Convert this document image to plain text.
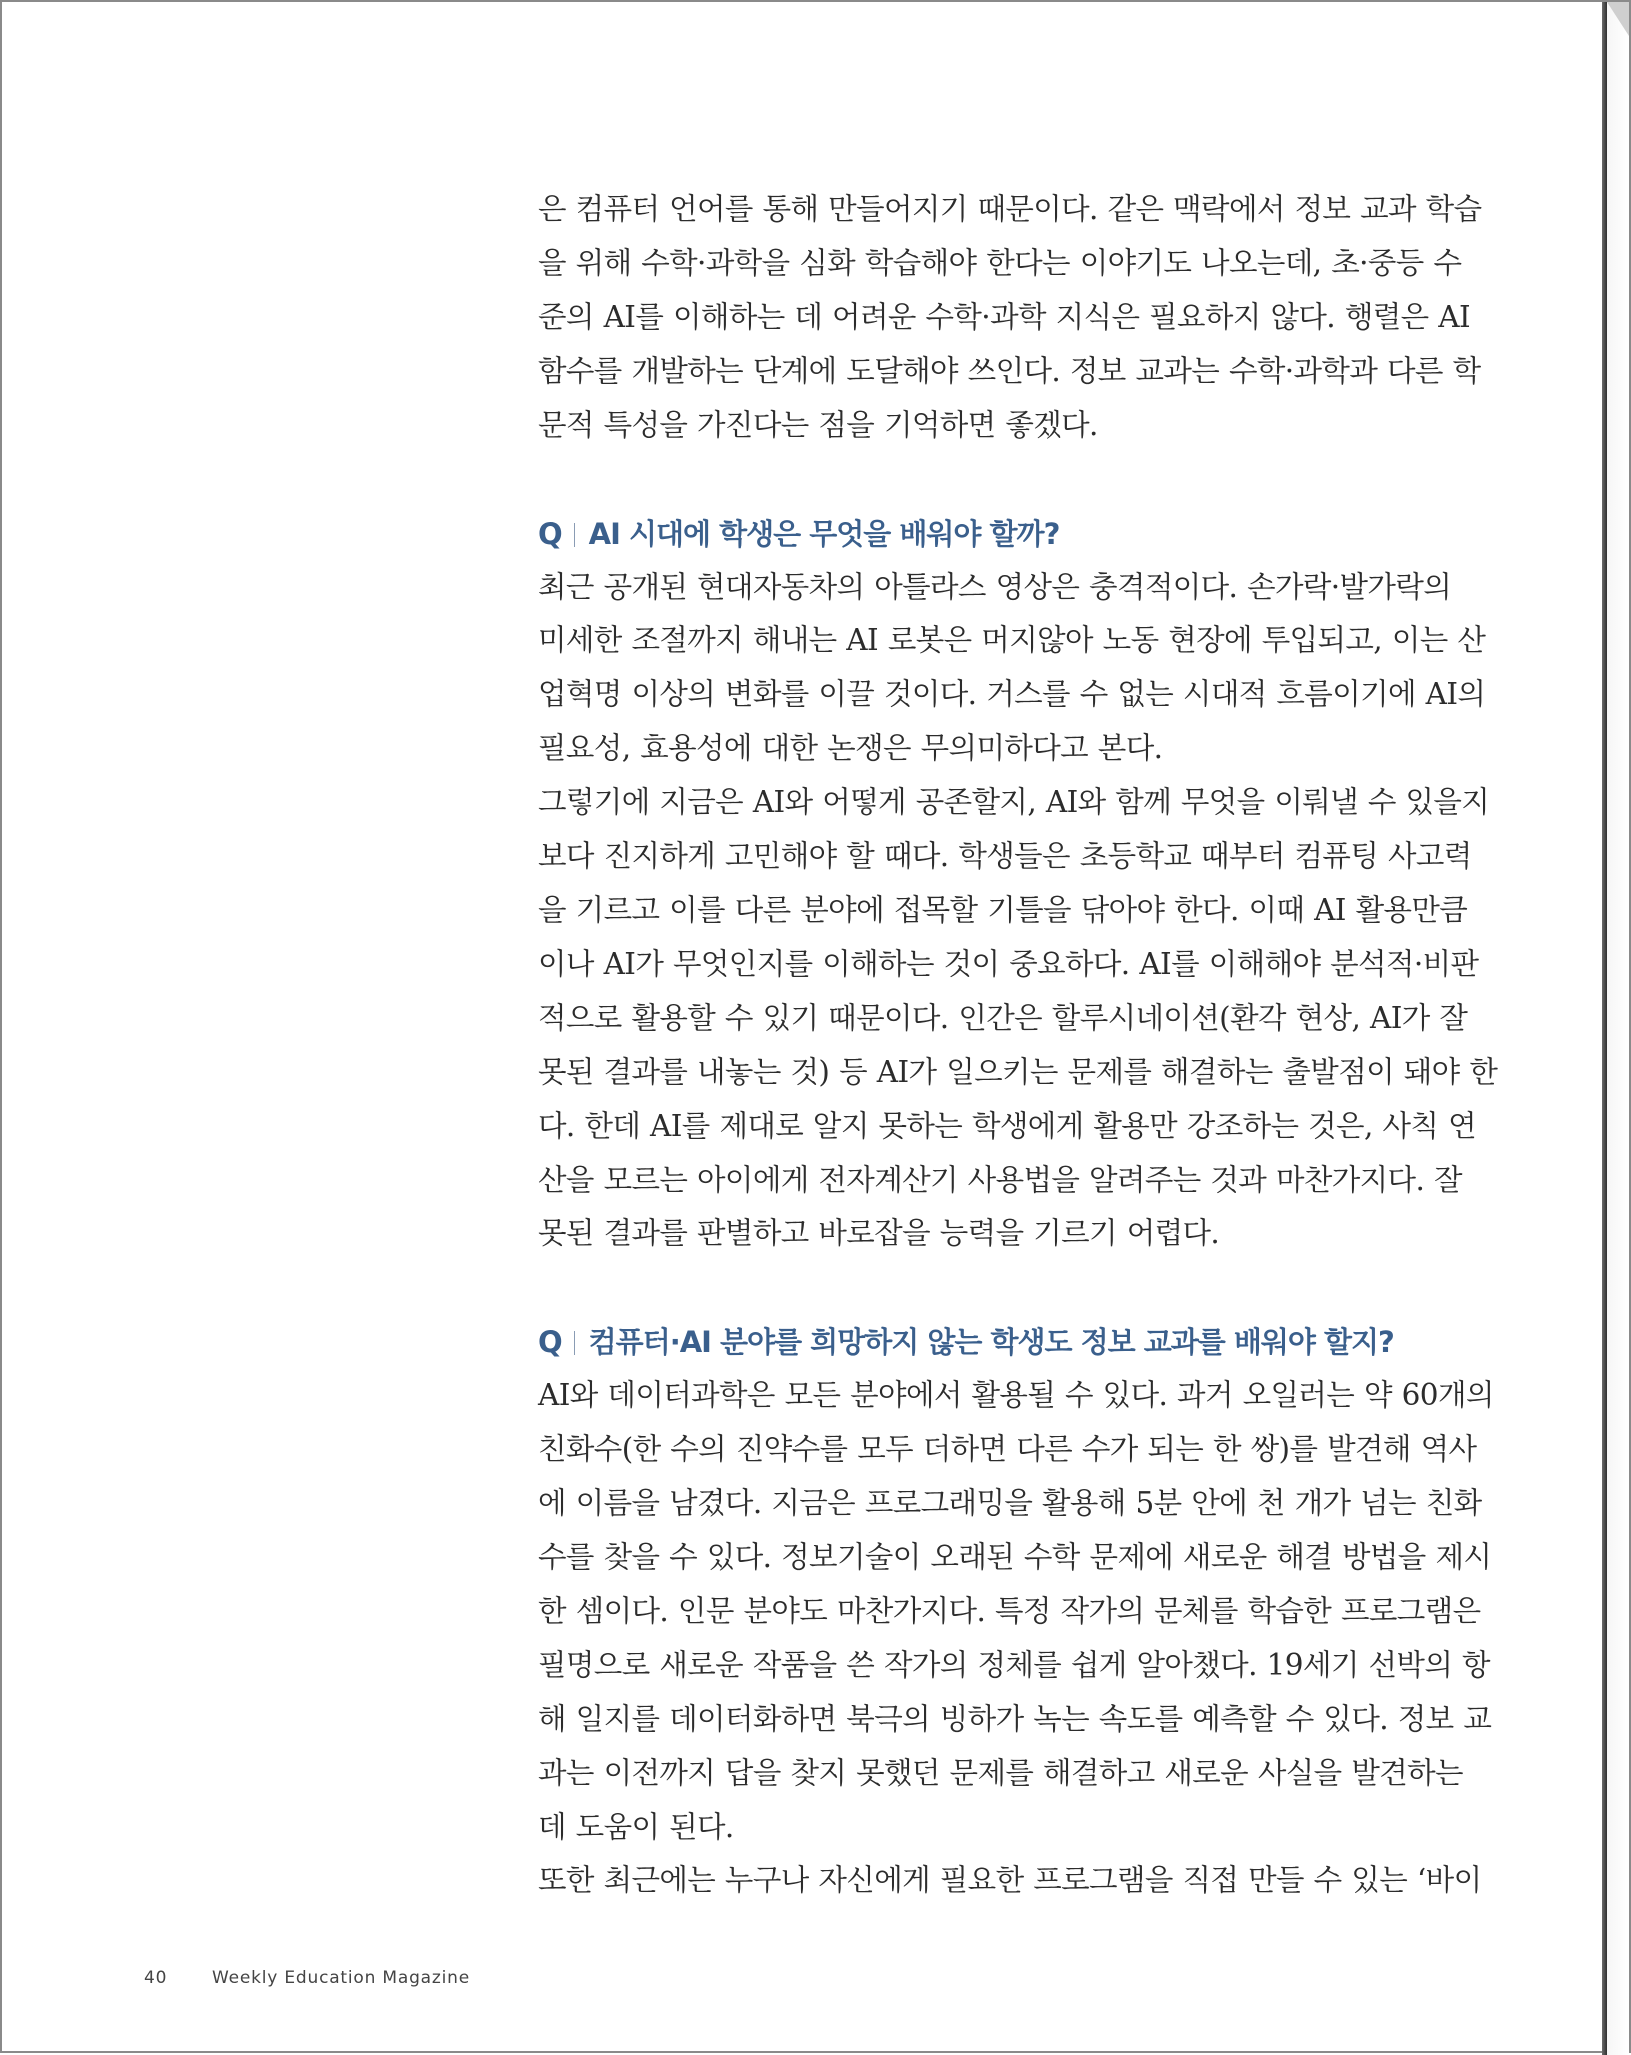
은 컴퓨터 언어를 통해 만들어지기 때문이다. 같은 맥락에서 정보 교과 학습
을 위해 수학·과학을 심화 학습해야 한다는 이야기도 나오는데, 초·중등 수
준의 AI를 이해하는 데 어려운 수학·과학 지식은 필요하지 않다. 행렬은 AI
함수를 개발하는 단계에 도달해야 쓰인다. 정보 교과는 수학·과학과 다른 학
문적 특성을 가진다는 점을 기억하면 좋겠다.
Q AI 시대에 학생은 무엇을 배워야 할까?
최근 공개된 현대자동차의 아틀라스 영상은 충격적이다. 손가락·발가락의
미세한 조절까지 해내는 AI 로봇은 머지않아 노동 현장에 투입되고, 이는 산
업혁명 이상의 변화를 이끌 것이다. 거스를 수 없는 시대적 흐름이기에 AI의
필요성, 효용성에 대한 논쟁은 무의미하다고 본다.
그렇기에 지금은 AI와 어떻게 공존할지, AI와 함께 무엇을 이뤄낼 수 있을지
보다 진지하게 고민해야 할 때다. 학생들은 초등학교 때부터 컴퓨팅 사고력
을 기르고 이를 다른 분야에 접목할 기틀을 닦아야 한다. 이때 AI 활용만큼
이나 AI가 무엇인지를 이해하는 것이 중요하다. AI를 이해해야 분석적·비판
적으로 활용할 수 있기 때문이다. 인간은 할루시네이션(환각 현상, AI가 잘
못된 결과를 내놓는 것) 등 AI가 일으키는 문제를 해결하는 출발점이 돼야 한
다. 한데 AI를 제대로 알지 못하는 학생에게 활용만 강조하는 것은, 사칙 연
산을 모르는 아이에게 전자계산기 사용법을 알려주는 것과 마찬가지다. 잘
못된 결과를 판별하고 바로잡을 능력을 기르기 어렵다.
Q 컴퓨터·AI 분야를 희망하지 않는 학생도 정보 교과를 배워야 할지?
AI와 데이터과학은 모든 분야에서 활용될 수 있다. 과거 오일러는 약 60개의
친화수(한 수의 진약수를 모두 더하면 다른 수가 되는 한 쌍)를 발견해 역사
에 이름을 남겼다. 지금은 프로그래밍을 활용해 5분 안에 천 개가 넘는 친화
수를 찾을 수 있다. 정보기술이 오래된 수학 문제에 새로운 해결 방법을 제시
한 셈이다. 인문 분야도 마찬가지다. 특정 작가의 문체를 학습한 프로그램은
필명으로 새로운 작품을 쓴 작가의 정체를 쉽게 알아챘다. 19세기 선박의 항
해 일지를 데이터화하면 북극의 빙하가 녹는 속도를 예측할 수 있다. 정보 교
과는 이전까지 답을 찾지 못했던 문제를 해결하고 새로운 사실을 발견하는
데 도움이 된다.
또한 최근에는 누구나 자신에게 필요한 프로그램을 직접 만들 수 있는 ‘바이
40	Weekly Education Magazine
